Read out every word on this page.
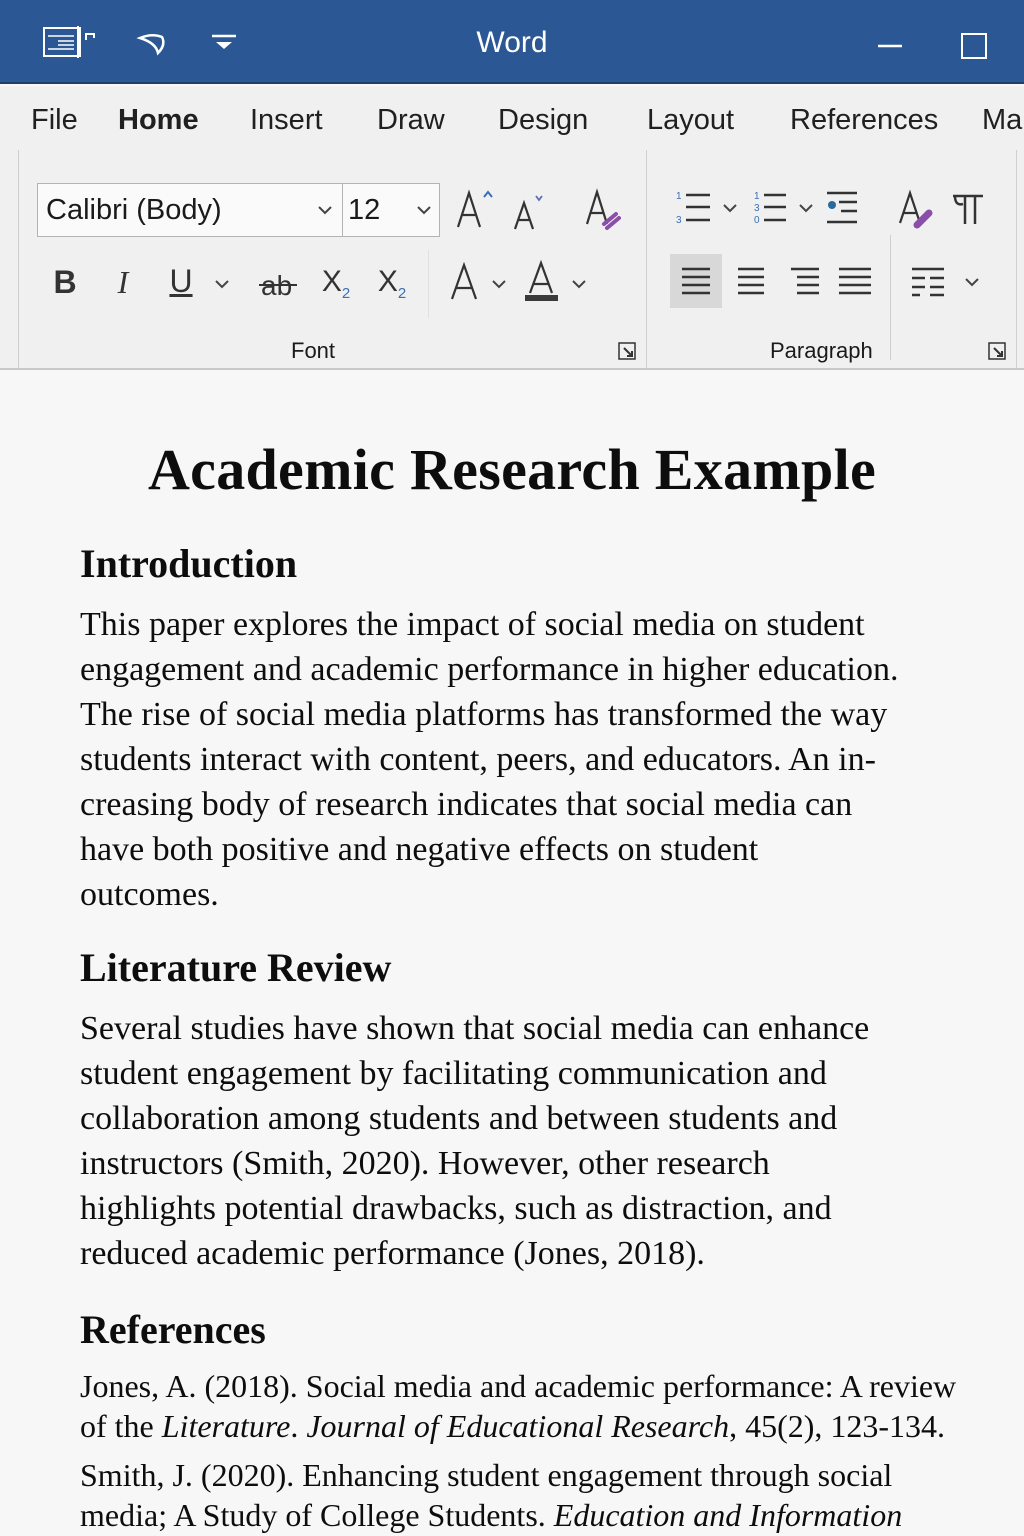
Word
File Home Insert Draw Design Layout References Ma
Calibri (Body)	12
B I U ab $X_2$ $X_2$
Font
1
3
1
3
0
Paragraph
Academic Research Example
Introduction
This paper explores the impact of social media on student
engagement and academic performance in higher education.
The rise of social media platforms has transformed the way
students interact with content, peers, and educators. An in-
creasing body of research indicates that social media can
have both positive and negative effects on student
outcomes.
Literature Review
Several studies have shown that social media can enhance
student engagement by facilitating communication and
collaboration among students and between students and
instructors (Smith, 2020). However, other research
highlights potential drawbacks, such as distraction, and
reduced academic performance (Jones, 2018).
References
Jones, A. (2018). Social media and academic performance: A review
of the Literature. Journal of Educational Research, 45(2), 123-134.
Smith, J. (2020). Enhancing student engagement through social
media; A Study of College Students. Education and Information
